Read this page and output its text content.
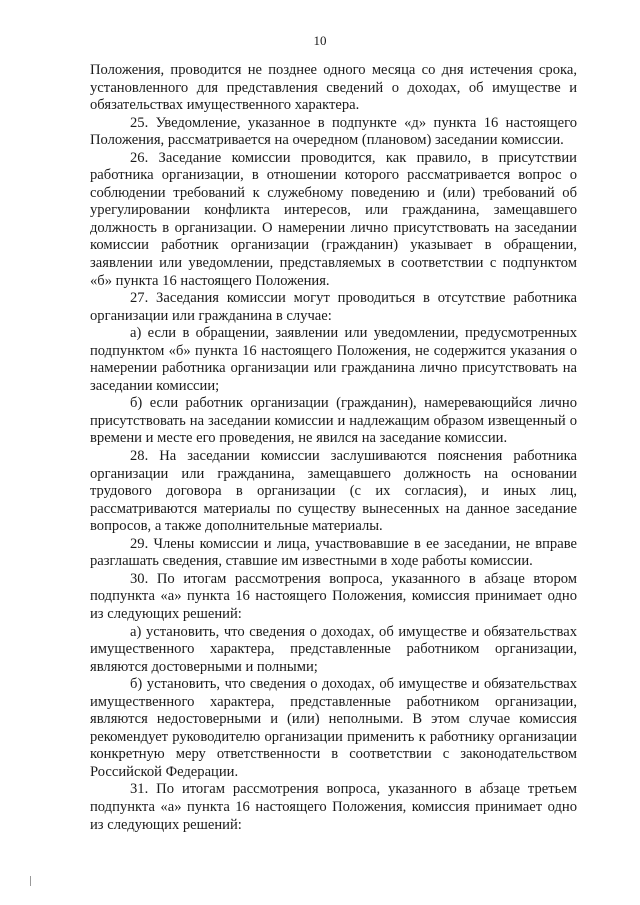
10

Положения, проводится не позднее одного месяца со дня истечения срока, установленного для представления сведений о доходах, об имуществе и обязательствах имущественного характера.

25. Уведомление, указанное в подпункте «д» пункта 16 настоящего Положения, рассматривается на очередном (плановом) заседании комиссии.

26. Заседание комиссии проводится, как правило, в присутствии работника организации, в отношении которого рассматривается вопрос о соблюдении требований к служебному поведению и (или) требований об урегулировании конфликта интересов, или гражданина, замещавшего должность в организации. О намерении лично присутствовать на заседании комиссии работник организации (гражданин) указывает в обращении, заявлении или уведомлении, представляемых в соответствии с подпунктом «б» пункта 16 настоящего Положения.

27. Заседания комиссии могут проводиться в отсутствие работника организации или гражданина в случае:

а) если в обращении, заявлении или уведомлении, предусмотренных подпунктом «б» пункта 16 настоящего Положения, не содержится указания о намерении работника организации или гражданина лично присутствовать на заседании комиссии;

б) если работник организации (гражданин), намеревающийся лично присутствовать на заседании комиссии и надлежащим образом извещенный о времени и месте его проведения, не явился на заседание комиссии.

28. На заседании комиссии заслушиваются пояснения работника организации или гражданина, замещавшего должность на основании трудового договора в организации (с их согласия), и иных лиц, рассматриваются материалы по существу вынесенных на данное заседание вопросов, а также дополнительные материалы.

29. Члены комиссии и лица, участвовавшие в ее заседании, не вправе разглашать сведения, ставшие им известными в ходе работы комиссии.

30. По итогам рассмотрения вопроса, указанного в абзаце втором подпункта «а» пункта 16 настоящего Положения, комиссия принимает одно из следующих решений:

а) установить, что сведения о доходах, об имуществе и обязательствах имущественного характера, представленные работником организации, являются достоверными и полными;

б) установить, что сведения о доходах, об имуществе и обязательствах имущественного характера, представленные работником организации, являются недостоверными и (или) неполными. В этом случае комиссия рекомендует руководителю организации применить к работнику организации конкретную меру ответственности в соответствии с законодательством Российской Федерации.

31. По итогам рассмотрения вопроса, указанного в абзаце третьем подпункта «а» пункта 16 настоящего Положения, комиссия принимает одно из следующих решений:
